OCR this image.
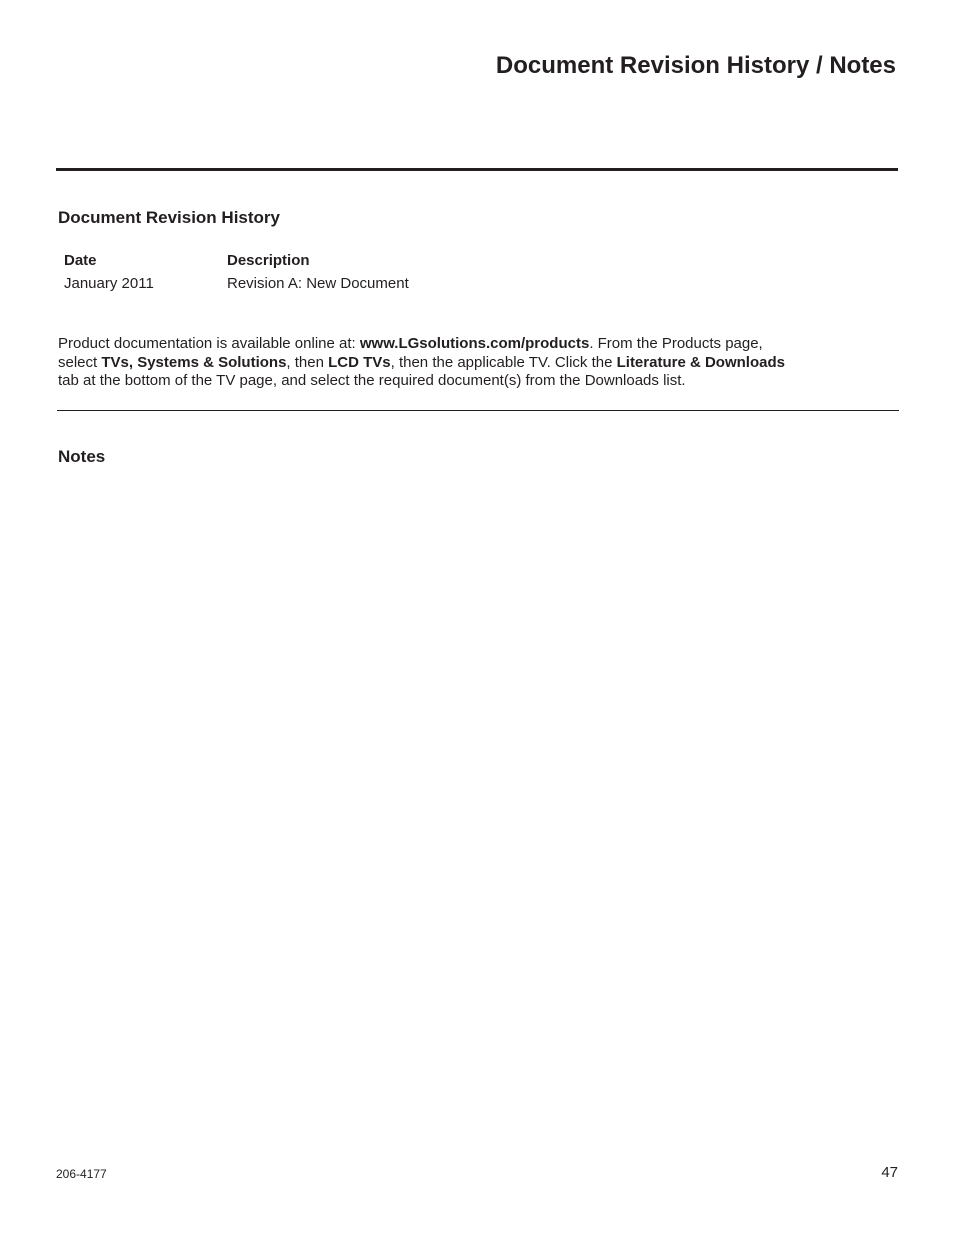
Document Revision History / Notes
Document Revision History
Date	Description
January 2011	Revision A: New Document

Product documentation is available online at: www.LGsolutions.com/products. From the Products page,
select TVs, Systems & Solutions, then LCD TVs, then the applicable TV. Click the Literature & Downloads
tab at the bottom of the TV page, and select the required document(s) from the Downloads list.

Notes
206-4177	47
